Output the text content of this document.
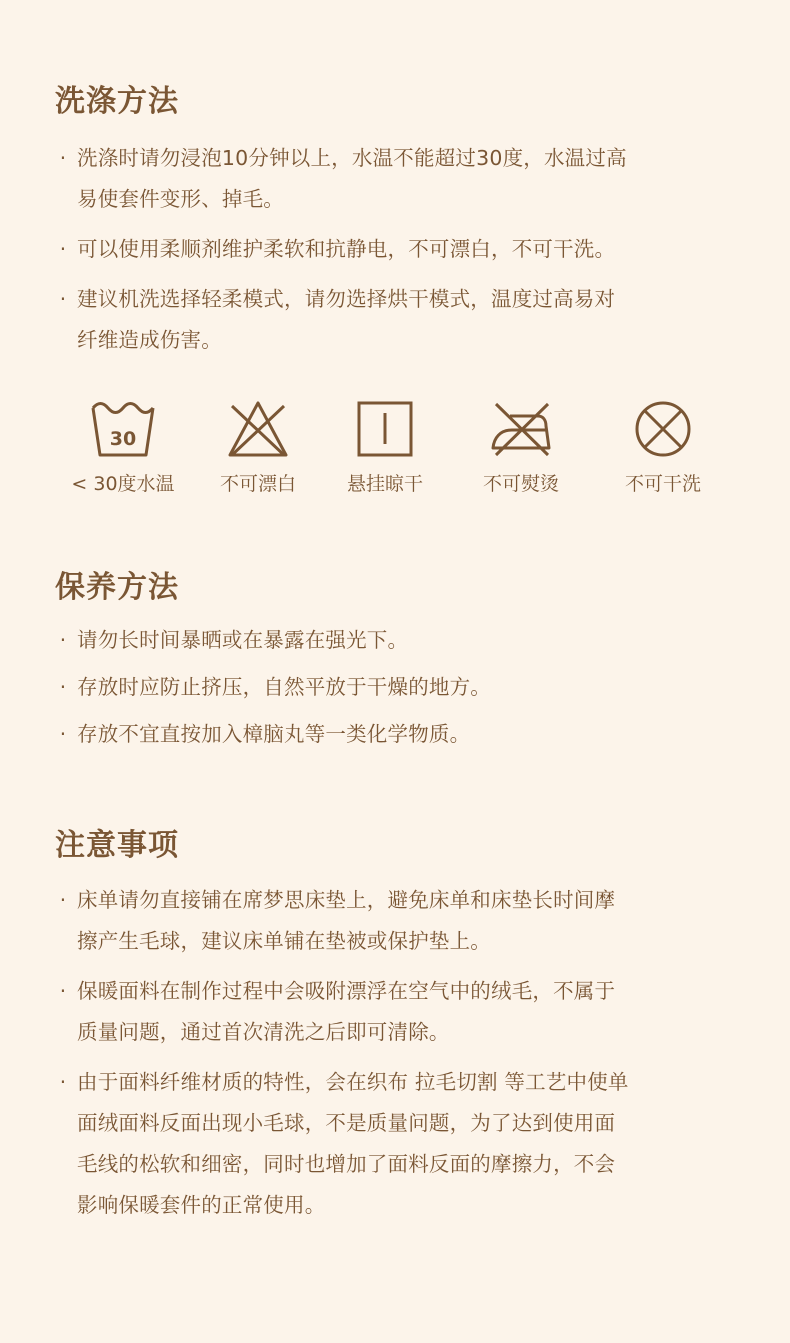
洗涤方法
· 洗涤时请勿浸泡10分钟以上，水温不能超过30度，水温过高
易使套件变形、掉毛。
· 可以使用柔顺剂维护柔软和抗静电，不可漂白，不可干洗。
· 建议机洗选择轻柔模式，请勿选择烘干模式，温度过高易对
纤维造成伤害。
30
< 30度水温	不可漂白	悬挂晾干	不可熨烫	不可干洗
保养方法
· 请勿长时间暴晒或在暴露在强光下。
· 存放时应防止挤压，自然平放于干燥的地方。
· 存放不宜直按加入樟脑丸等一类化学物质。
注意事项
· 床单请勿直接铺在席梦思床垫上，避免床单和床垫长时间摩
擦产生毛球，建议床单铺在垫被或保护垫上。
· 保暖面料在制作过程中会吸附漂浮在空气中的绒毛，不属于
质量问题，通过首次清洗之后即可清除。
· 由于面料纤维材质的特性，会在织布 拉毛切割 等工艺中使单
面绒面料反面出现小毛球，不是质量问题，为了达到使用面
毛线的松软和细密，同时也增加了面料反面的摩擦力，不会
影响保暖套件的正常使用。
